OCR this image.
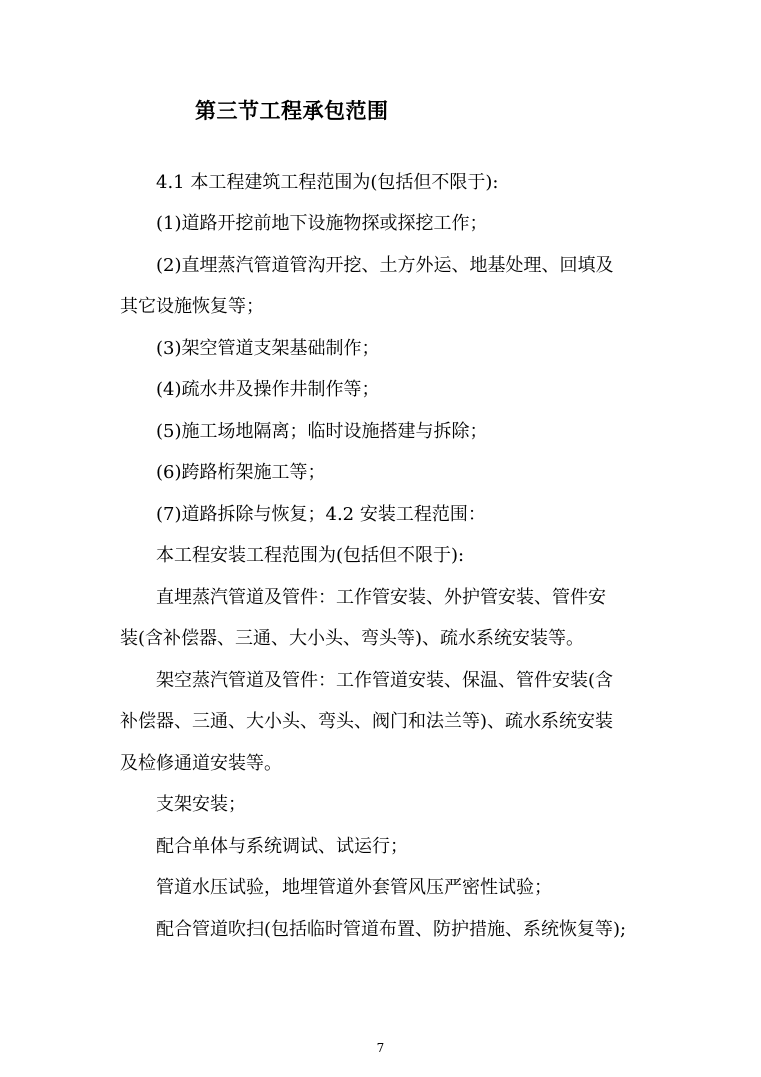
第三节工程承包范围
4.1 本工程建筑工程范围为(包括但不限于):
(1)道路开挖前地下设施物探或探挖工作；
(2)直埋蒸汽管道管沟开挖、土方外运、地基处理、回填及
其它设施恢复等；
(3)架空管道支架基础制作；
(4)疏水井及操作井制作等；
(5)施工场地隔离；临时设施搭建与拆除；
(6)跨路桁架施工等；
(7)道路拆除与恢复；4.2 安装工程范围：
本工程安装工程范围为(包括但不限于):
直埋蒸汽管道及管件：工作管安装、外护管安装、管件安
装(含补偿器、三通、大小头、弯头等)、疏水系统安装等。
架空蒸汽管道及管件：工作管道安装、保温、管件安装(含
补偿器、三通、大小头、弯头、阀门和法兰等)、疏水系统安装
及检修通道安装等。
支架安装；
配合单体与系统调试、试运行；
管道水压试验，地埋管道外套管风压严密性试验；
配合管道吹扫(包括临时管道布置、防护措施、系统恢复等);
7
